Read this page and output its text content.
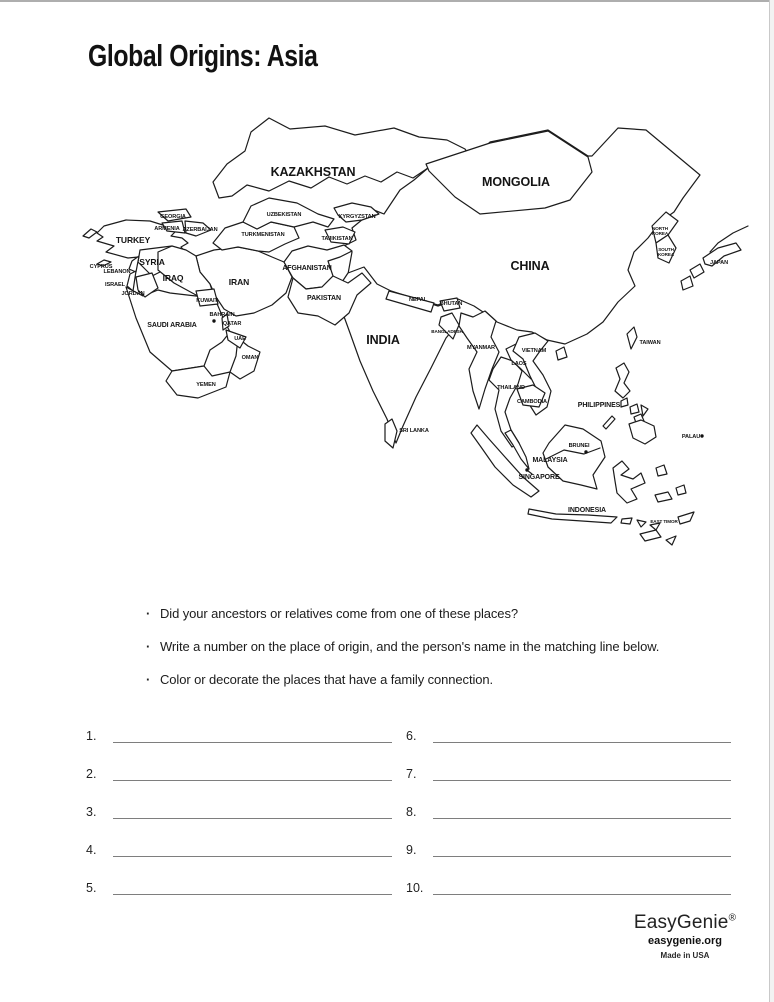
Global Origins: Asia
KAZAKHSTAN
MONGOLIA
CHINA
INDIA
TURKEY
SYRIA
IRAQ	IRAN
SAUDI ARABIA
AFGHANISTAN
PAKISTAN
UZBEKISTAN
TURKMENISTAN
KYRGYZSTAN
TAJIKISTAN
GEORGIA
ARMENIA AZERBAIJAN
CYPRUS
LEBANON
ISRAEL
JORDAN
KUWAIT
BAHRAIN
QATAR
UAE
OMAN
YEMEN
NEPAL
BHUTAN
BANGLADESH
MYANMAR	VIETNAM
LAOS
THAILAND
CAMBODIA
TAIWAN
SRI LANKA
NORTH KOREA
SOUTH KOREA
JAPAN
PHILIPPINES
PALAU
BRUNEI
MALAYSIA
SINGAPORE
INDONESIA
EAST TIMOR
· Did your ancestors or relatives come from one of these places?
· Write a number on the place of origin, and the person's name in the matching line below.
· Color or decorate the places that have a family connection.
1.
2.
3.
4.
5.
6.
7.
8.
9.
10.
EasyGenie®
easygenie.org
Made in USA
